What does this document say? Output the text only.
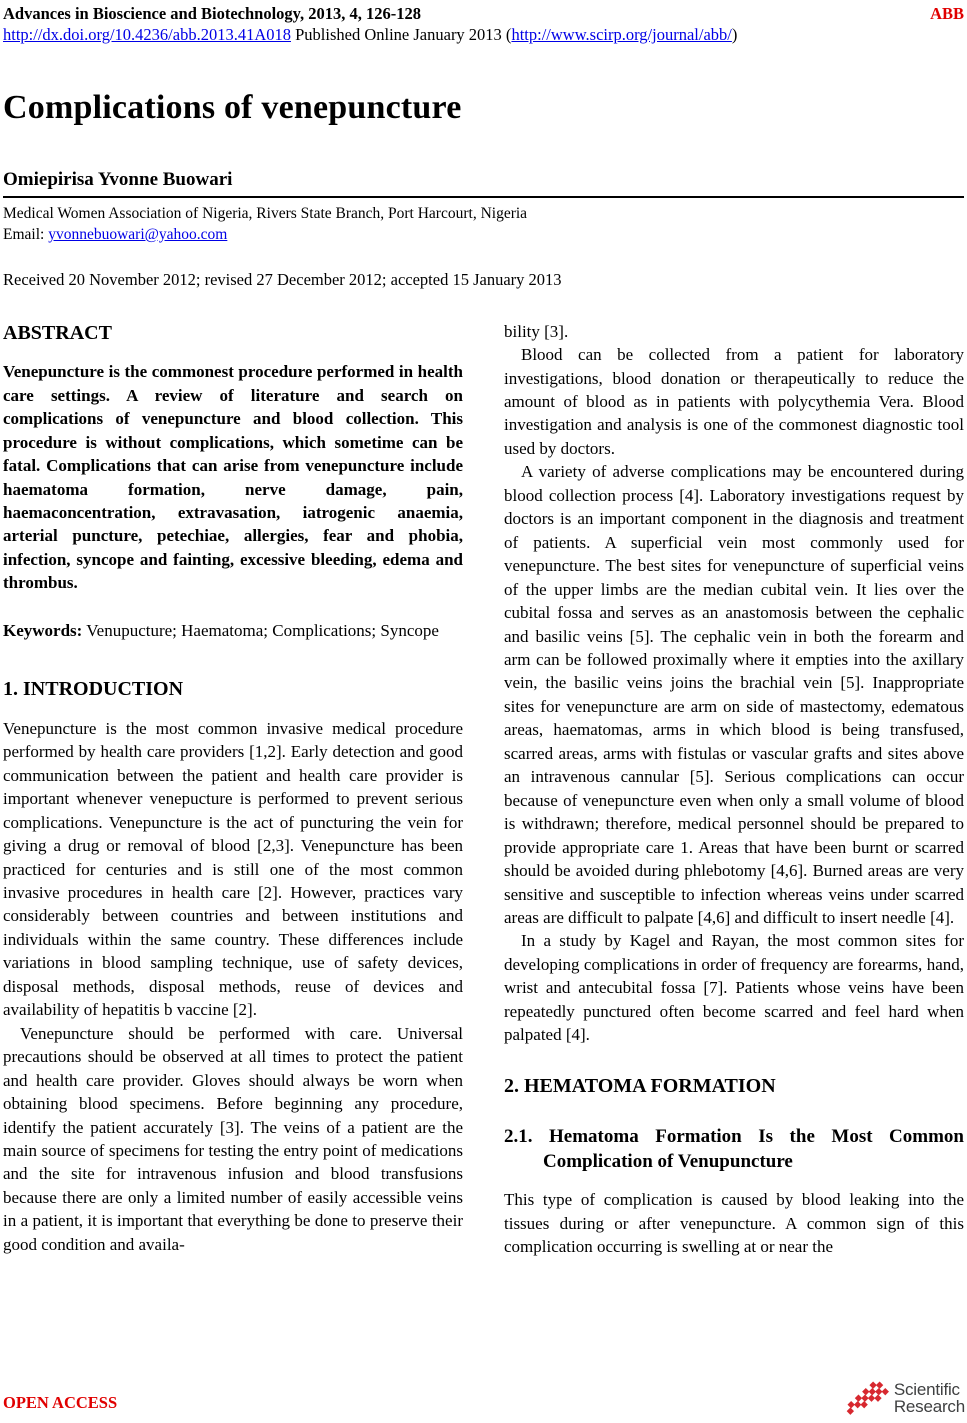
Advances in Bioscience and Biotechnology, 2013, 4, 126-128	ABB
http://dx.doi.org/10.4236/abb.2013.41A018 Published Online January 2013 (http://www.scirp.org/journal/abb/)
Complications of venepuncture
Omiepirisa Yvonne Buowari
Medical Women Association of Nigeria, Rivers State Branch, Port Harcourt, Nigeria
Email: yvonnebuowari@yahoo.com
Received 20 November 2012; revised 27 December 2012; accepted 15 January 2013
ABSTRACT

Venepuncture is the commonest procedure performed in health care settings. A review of literature and search on complications of venepuncture and blood collection. This procedure is without complications, which sometime can be fatal. Complications that can arise from venepuncture include haematoma formation, nerve damage, pain, haemaconcentration, extravasation, iatrogenic anaemia, arterial puncture, petechiae, allergies, fear and phobia, infection, syncope and fainting, excessive bleeding, edema and thrombus.

Keywords: Venupucture; Haematoma; Complications; Syncope

1. INTRODUCTION

Venepuncture is the most common invasive medical procedure performed by health care providers [1,2]. Early detection and good communication between the patient and health care provider is important whenever venepucture is performed to prevent serious complications. Venepuncture is the act of puncturing the vein for giving a drug or removal of blood [2,3]. Venepuncture has been practiced for centuries and is still one of the most common invasive procedures in health care [2]. However, practices vary considerably between countries and between institutions and individuals within the same country. These differences include variations in blood sampling technique, use of safety devices, disposal methods, disposal methods, reuse of devices and availability of hepatitis b vaccine [2].

Venepuncture should be performed with care. Universal precautions should be observed at all times to protect the patient and health care provider. Gloves should always be worn when obtaining blood specimens. Before beginning any procedure, identify the patient accurately [3]. The veins of a patient are the main source of specimens for testing the entry point of medications and the site for intravenous infusion and blood transfusions because there are only a limited number of easily accessible veins in a patient, it is important that everything be done to preserve their good condition and availa-

bility [3].

Blood can be collected from a patient for laboratory investigations, blood donation or therapeutically to reduce the amount of blood as in patients with polycythemia Vera. Blood investigation and analysis is one of the commonest diagnostic tool used by doctors.

A variety of adverse complications may be encountered during blood collection process [4]. Laboratory investigations request by doctors is an important component in the diagnosis and treatment of patients. A superficial vein most commonly used for venepuncture. The best sites for venepuncture of superficial veins of the upper limbs are the median cubital vein. It lies over the cubital fossa and serves as an anastomosis between the cephalic and basilic veins [5]. The cephalic vein in both the forearm and arm can be followed proximally where it empties into the axillary vein, the basilic veins joins the brachial vein [5]. Inappropriate sites for venepuncture are arm on side of mastectomy, edematous areas, haematomas, arms in which blood is being transfused, scarred areas, arms with fistulas or vascular grafts and sites above an intravenous cannular [5]. Serious complications can occur because of venepuncture even when only a small volume of blood is withdrawn; therefore, medical personnel should be prepared to provide appropriate care 1. Areas that have been burnt or scarred should be avoided during phlebotomy [4,6]. Burned areas are very sensitive and susceptible to infection whereas veins under scarred areas are difficult to palpate [4,6] and difficult to insert needle [4].

In a study by Kagel and Rayan, the most common sites for developing complications in order of frequency are forearms, hand, wrist and antecubital fossa [7]. Patients whose veins have been repeatedly punctured often become scarred and feel hard when palpated [4].

2. HEMATOMA FORMATION
2.1. Hematoma Formation Is the Most Common Complication of Venupuncture

This type of complication is caused by blood leaking into the tissues during or after venepuncture. A common sign of this complication occurring is swelling at or near the

OPEN ACCESS
Scientific
Research
